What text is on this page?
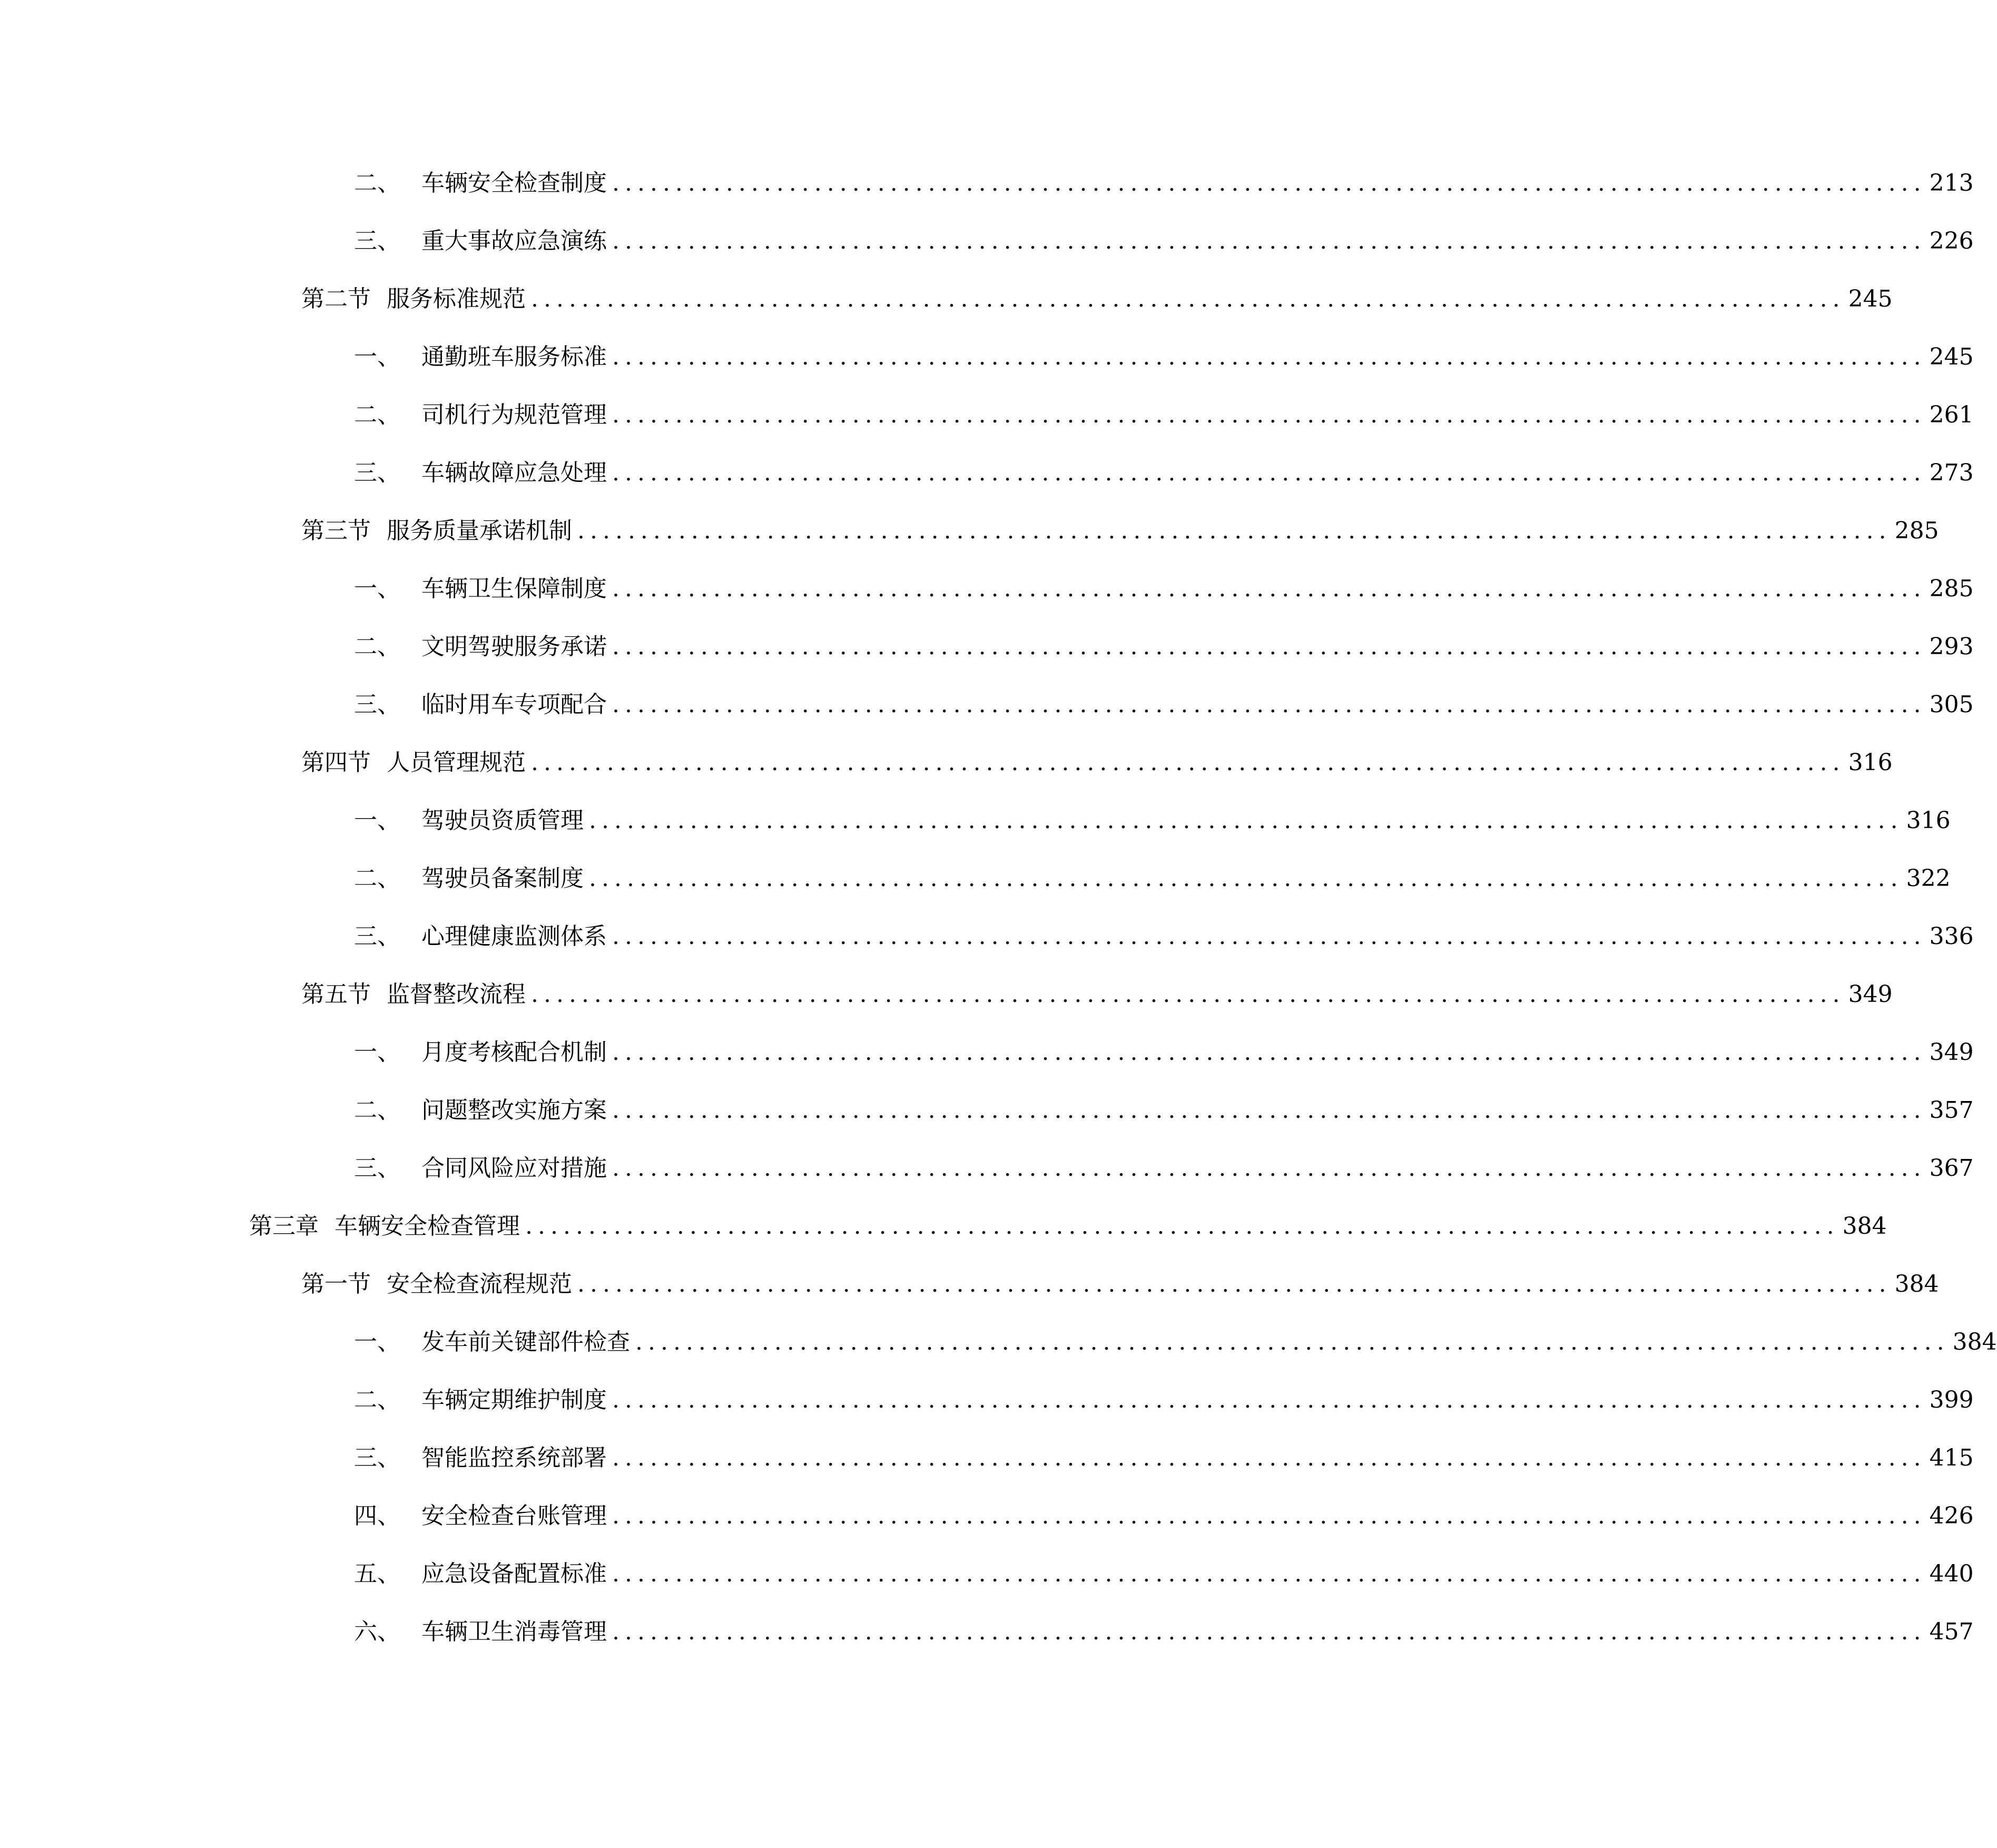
二、 车辆安全检查制度 ........................................................................................................ 213
三、 重大事故应急演练 ........................................................................................................ 226
第二节 服务标准规范 ........................................................................................................ 245
一、 通勤班车服务标准 ........................................................................................................ 245
二、 司机行为规范管理 ........................................................................................................ 261
三、 车辆故障应急处理 ........................................................................................................ 273
第三节 服务质量承诺机制 ........................................................................................................ 285
一、 车辆卫生保障制度 ........................................................................................................ 285
二、 文明驾驶服务承诺 ........................................................................................................ 293
三、 临时用车专项配合 ........................................................................................................ 305
第四节 人员管理规范 ........................................................................................................ 316
一、 驾驶员资质管理 ........................................................................................................ 316
二、 驾驶员备案制度 ........................................................................................................ 322
三、 心理健康监测体系 ........................................................................................................ 336
第五节 监督整改流程 ........................................................................................................ 349
一、 月度考核配合机制 ........................................................................................................ 349
二、 问题整改实施方案 ........................................................................................................ 357
三、 合同风险应对措施 ........................................................................................................ 367
第三章 车辆安全检查管理 ........................................................................................................ 384
第一节 安全检查流程规范 ........................................................................................................ 384
一、 发车前关键部件检查 ........................................................................................................ 384
二、 车辆定期维护制度 ........................................................................................................ 399
三、 智能监控系统部署 ........................................................................................................ 415
四、 安全检查台账管理 ........................................................................................................ 426
五、 应急设备配置标准 ........................................................................................................ 440
六、 车辆卫生消毒管理 ........................................................................................................ 457
